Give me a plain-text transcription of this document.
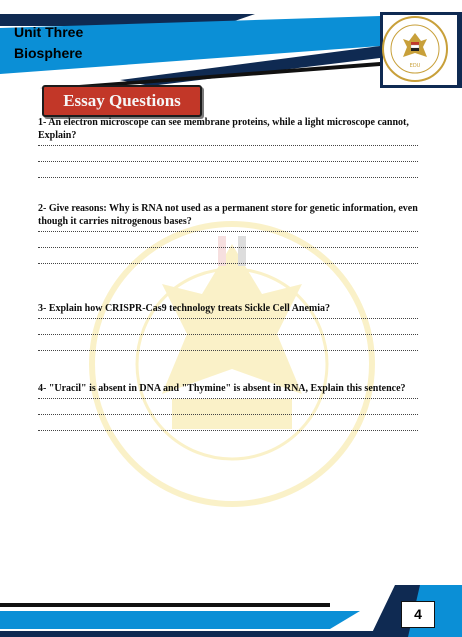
Unit Three
Biosphere
EDU
Essay Questions
1- An electron microscope can see membrane proteins, while a light microscope cannot, Explain?
2- Give reasons: Why is RNA not used as a permanent store for genetic information, even though it carries nitrogenous bases?
3- Explain how CRISPR-Cas9 technology treats Sickle Cell Anemia?
4- "Uracil" is absent in DNA and "Thymine" is absent in RNA, Explain this sentence?
4
